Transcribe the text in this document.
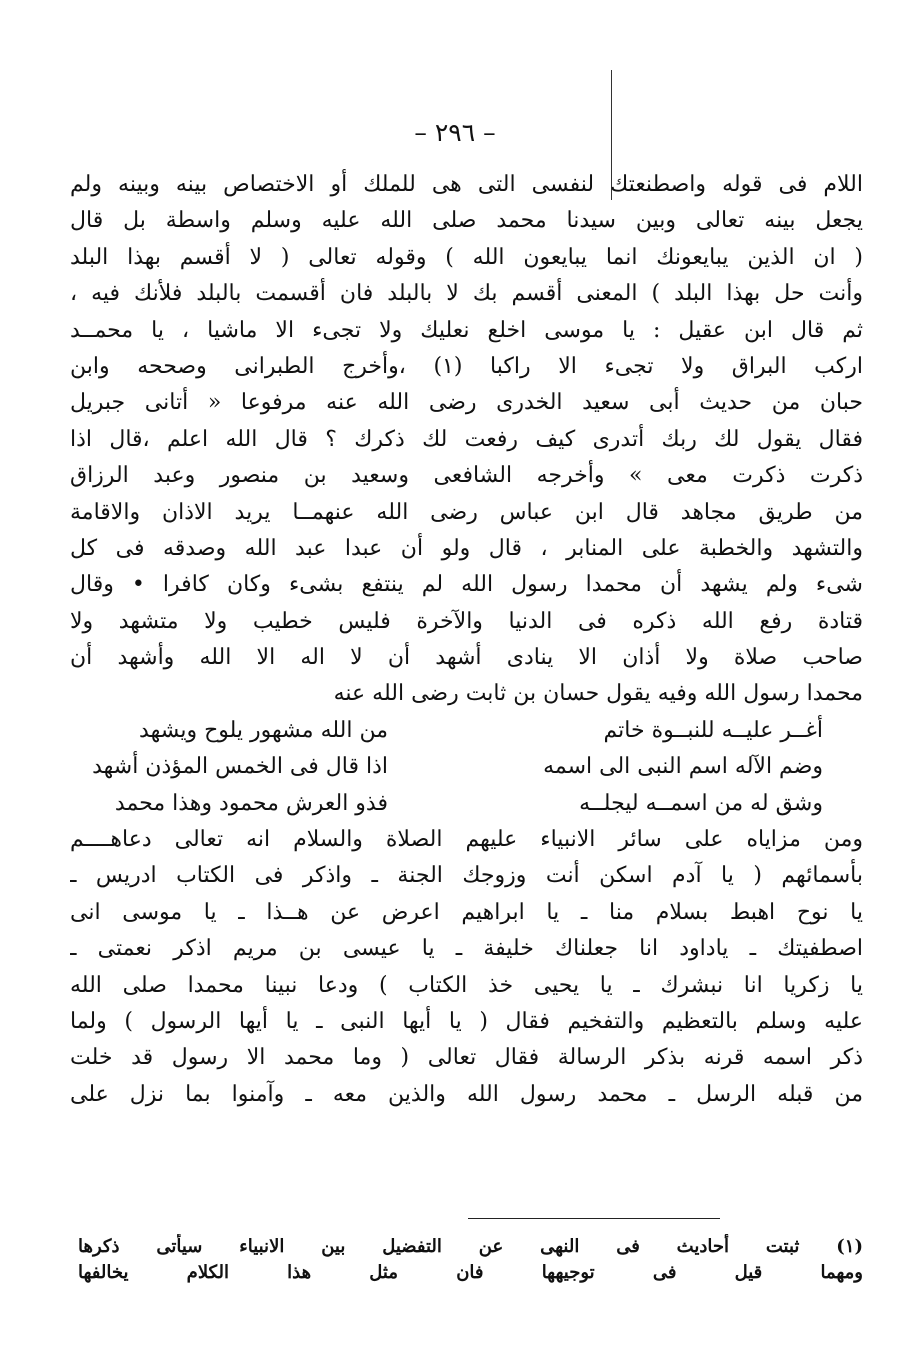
– ٢٩٦ –
اللام فى قوله واصطنعتك لنفسى التى هى للملك أو الاختصاص بينه وبينه ولم
يجعل بينه تعالى وبين سيدنا محمد صلى الله عليه وسلم واسطة بل قال
( ان الذين يبايعونك انما يبايعون الله ) وقوله تعالى ( لا أقسم بهذا البلد
وأنت حل بهذا البلد ) المعنى أقسم بك لا بالبلد فان أقسمت بالبلد فلأنك فيه ،
ثم قال ابن عقيل : يا موسى اخلع نعليك ولا تجىء الا ماشيا ، يا محمــد
اركب البراق ولا تجىء الا راكبا (١) ،وأخرج الطبرانى وصححه وابن
حبان من حديث أبى سعيد الخدرى رضى الله عنه مرفوعا « أتانى جبريل
فقال يقول لك ربك أتدرى كيف رفعت لك ذكرك ؟ قال الله اعلم ،قال اذا
ذكرت ذكرت معى » وأخرجه الشافعى وسعيد بن منصور وعبد الرزاق
من طريق مجاهد قال ابن عباس رضى الله عنهمــا يريد الاذان والاقامة
والتشهد والخطبة على المنابر ، قال ولو أن عبدا عبد الله وصدقه فى كل
شىء ولم يشهد أن محمدا رسول الله لم ينتفع بشىء وكان كافرا • وقال
قتادة رفع الله ذكره فى الدنيا والآخرة فليس خطيب ولا متشهد ولا
صاحب صلاة ولا أذان الا ينادى أشهد أن لا اله الا الله وأشهد أن
محمدا رسول الله وفيه يقول حسان بن ثابت رضى الله عنه
أغــر عليــه للنبــوة خاتم
من الله مشهور يلوح ويشهد
وضم الآله اسم النبى الى اسمه
اذا قال فى الخمس المؤذن أشهد
وشق له من اسمــه ليجلــه
فذو العرش محمود وهذا محمد
ومن مزاياه على سائر الانبياء عليهم الصلاة والسلام انه تعالى دعاهــــم
بأسمائهم ( يا آدم اسكن أنت وزوجك الجنة ـ واذكر فى الكتاب ادريس ـ
يا نوح اهبط بسلام منا ـ يا ابراهيم اعرض عن هــذا ـ يا موسى انى
اصطفيتك ـ ياداود انا جعلناك خليفة ـ يا عيسى بن مريم اذكر نعمتى ـ
يا زكريا انا نبشرك ـ يا يحيى خذ الكتاب ) ودعا نبينا محمدا صلى الله
عليه وسلم بالتعظيم والتفخيم فقال ( يا أيها النبى ـ يا أيها الرسول ) ولما
ذكر اسمه قرنه بذكر الرسالة فقال تعالى ( وما محمد الا رسول قد خلت
من قبله الرسل ـ محمد رسول الله والذين معه ـ وآمنوا بما نزل على
(١) ثبتت أحاديث فى النهى عن التفضيل بين الانبياء سيأتى ذكرها
ومهما قيل فى توجيهها فان مثل هذا الكلام يخالفها
